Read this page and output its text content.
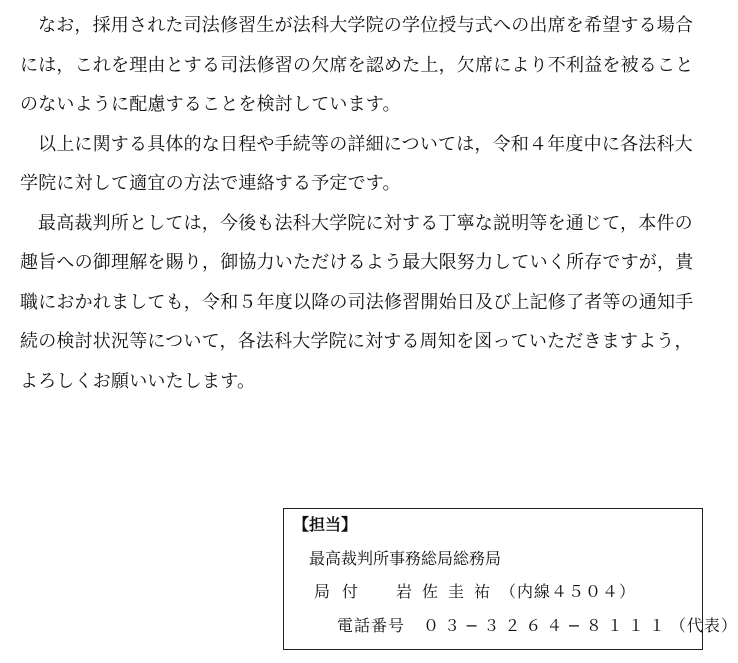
なお，採用された司法修習生が法科大学院の学位授与式への出席を希望する場合
には，これを理由とする司法修習の欠席を認めた上，欠席により不利益を被ること
のないように配慮することを検討しています。
以上に関する具体的な日程や手続等の詳細については，令和４年度中に各法科大
学院に対して適宜の方法で連絡する予定です。
最高裁判所としては，今後も法科大学院に対する丁寧な説明等を通じて，本件の
趣旨への御理解を賜り，御協力いただけるよう最大限努力していく所存ですが，貴
職におかれましても，令和５年度以降の司法修習開始日及び上記修了者等の通知手
続の検討状況等について，各法科大学院に対する周知を図っていただきますよう，
よろしくお願いいたします。
【担当】
最高裁判所事務総局総務局
局付 岩佐圭祐（内線４５０４）
電話番号 ０３−３２６４−８１１１（代表）
